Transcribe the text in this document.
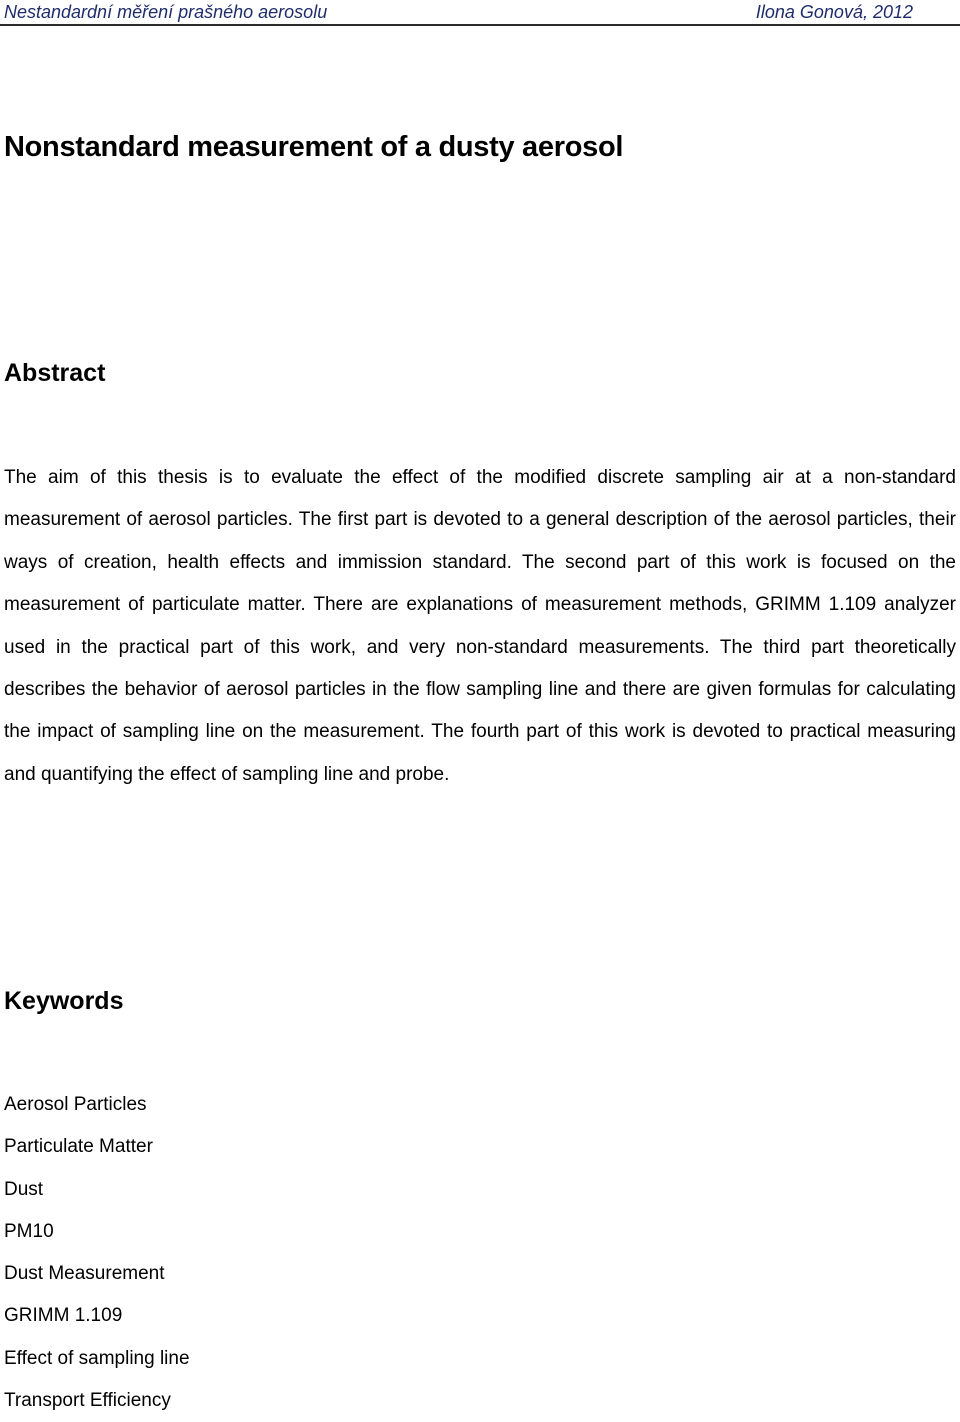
Nestandardní měření prašného aerosolu	Ilona Gonová, 2012
Nonstandard measurement of a dusty aerosol
Abstract

The aim of this thesis is to evaluate the effect of the modified discrete sampling air at a non-standard measurement of aerosol particles. The first part is devoted to a general description of the aerosol particles, their ways of creation, health effects and immission standard. The second part of this work is focused on the measurement of particulate matter. There are explanations of measurement methods, GRIMM 1.109 analyzer used in the practical part of this work, and very non-standard measurements. The third part theoretically describes the behavior of aerosol particles in the flow sampling line and there are given formulas for calculating the impact of sampling line on the measurement. The fourth part of this work is devoted to practical measuring and quantifying the effect of sampling line and probe.

Keywords
Aerosol Particles
Particulate Matter
Dust
PM10
Dust Measurement
GRIMM 1.109
Effect of sampling line
Transport Efficiency
